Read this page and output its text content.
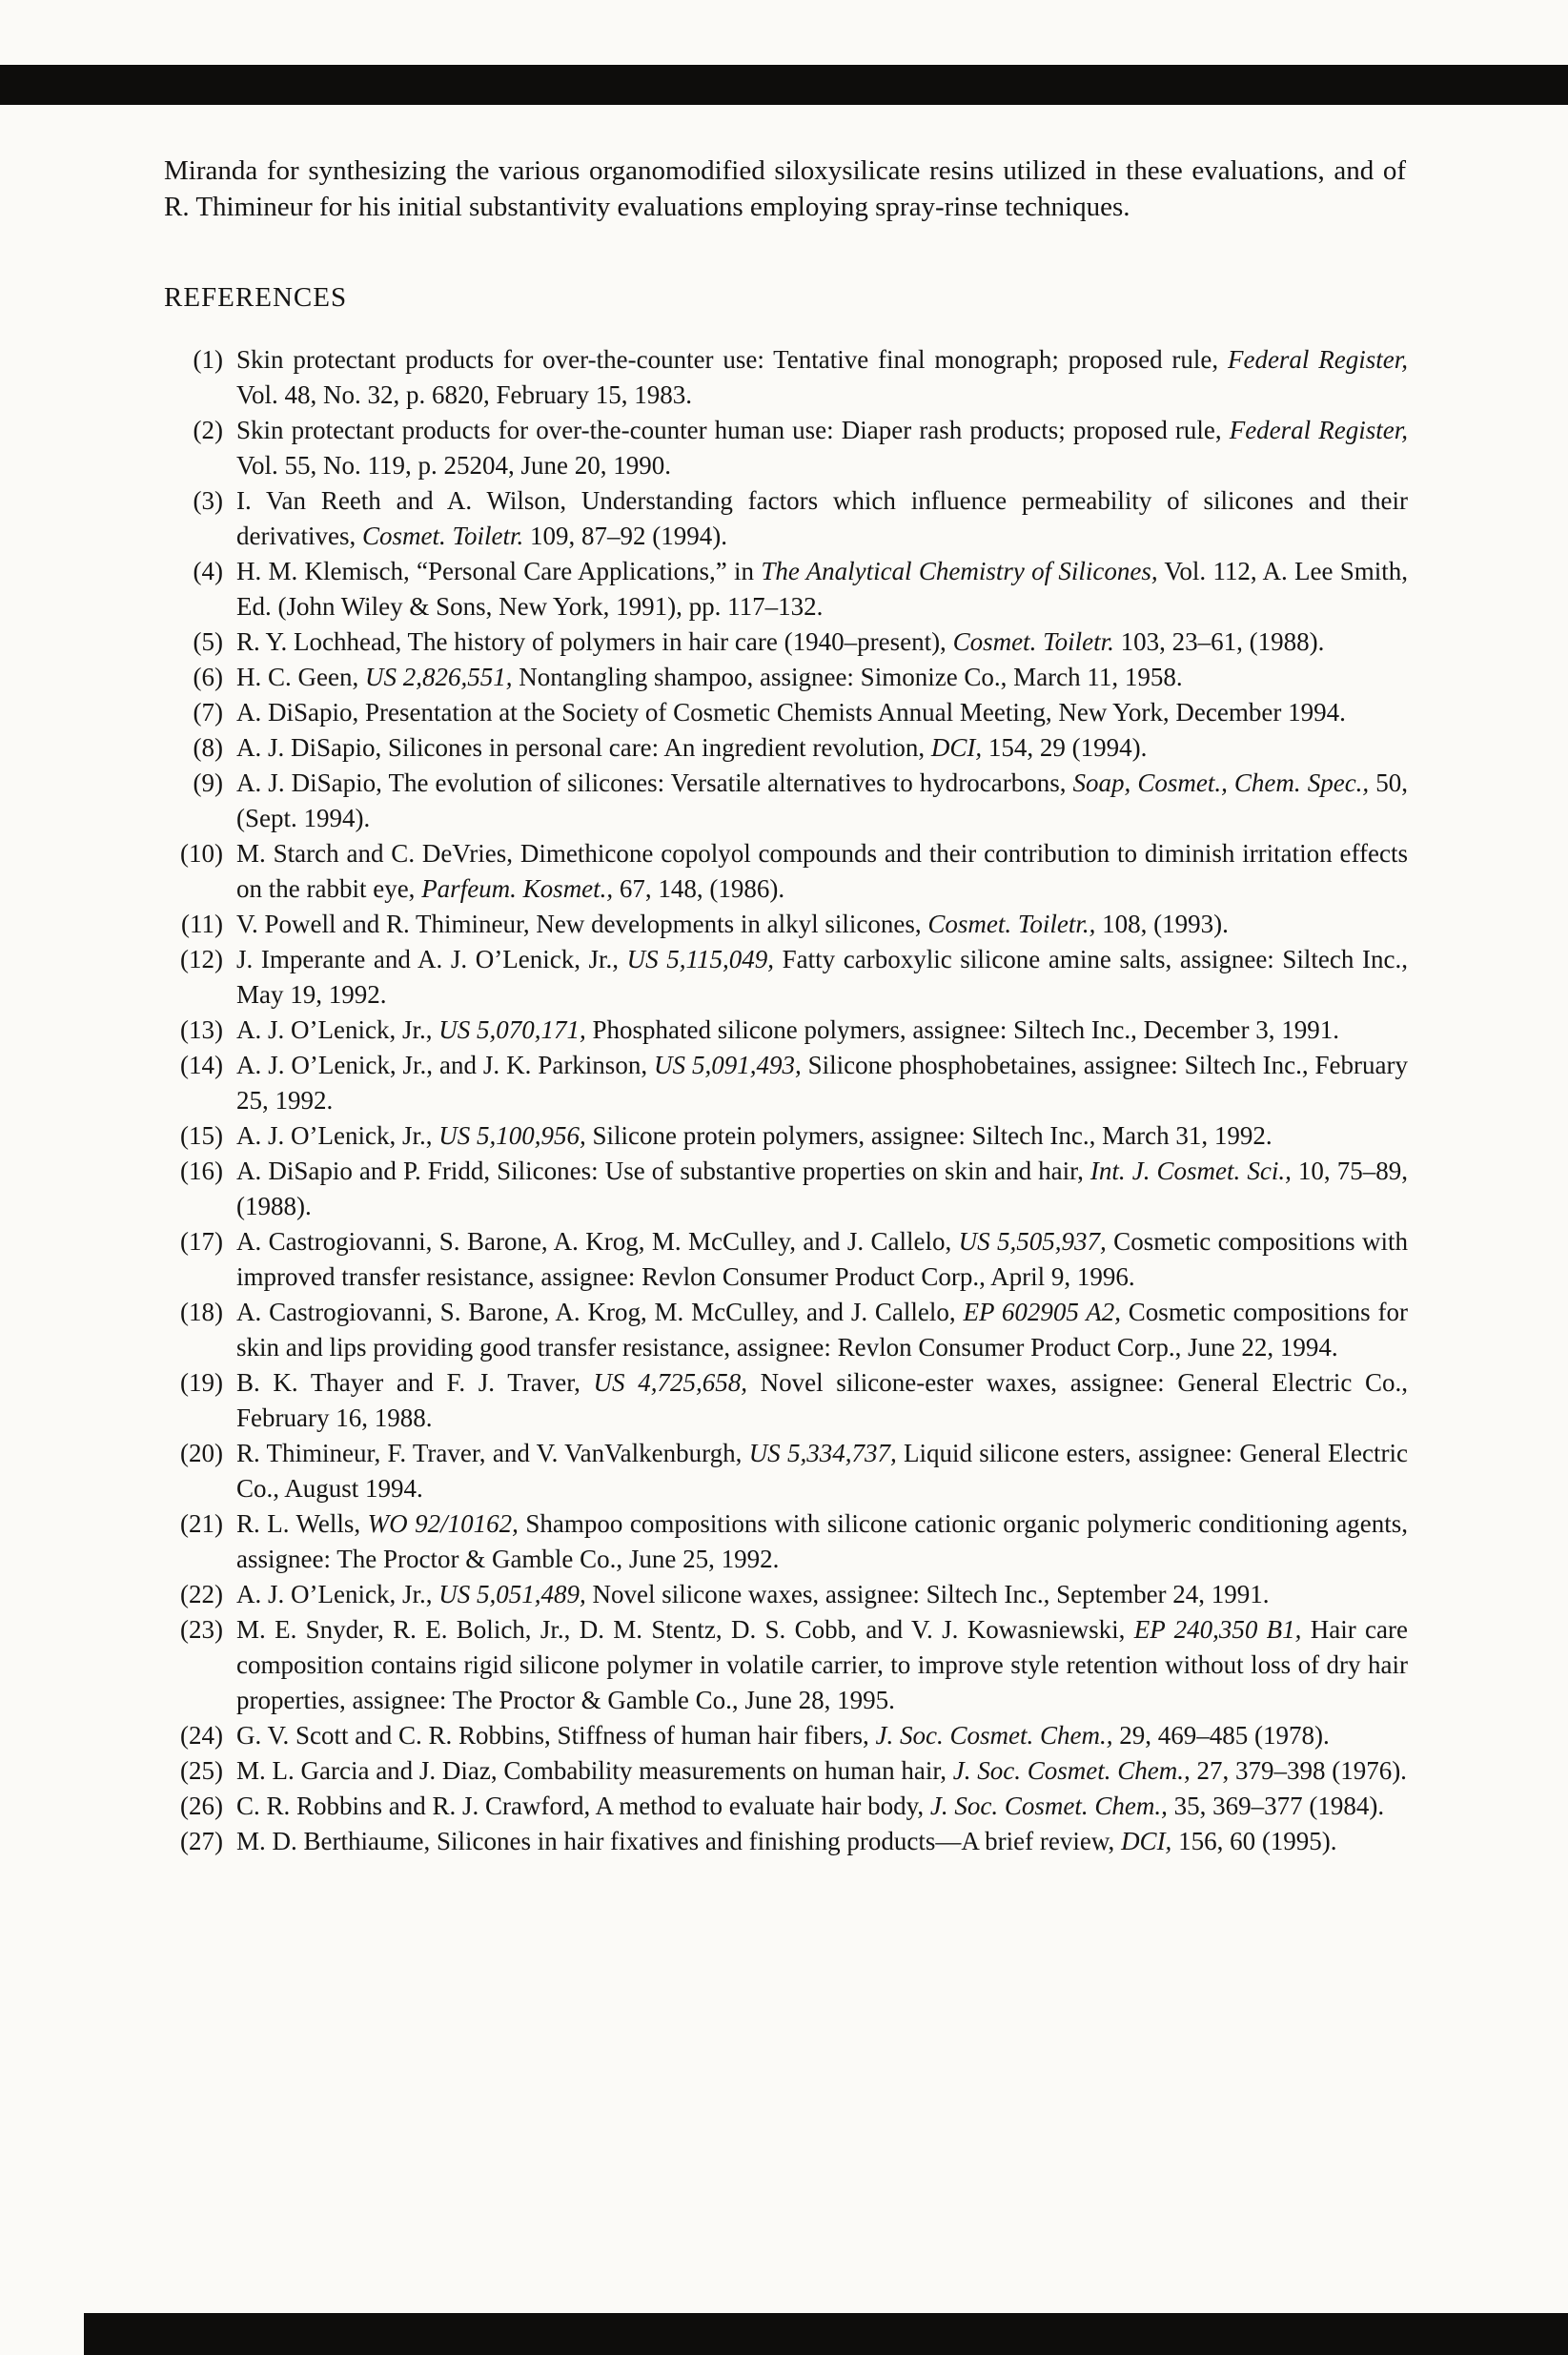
Miranda for synthesizing the various organomodified siloxysilicate resins utilized in these evaluations, and of R. Thimineur for his initial substantivity evaluations employing spray-rinse techniques.

REFERENCES
(1) Skin protectant products for over-the-counter use: Tentative final monograph; proposed rule, Federal Register, Vol. 48, No. 32, p. 6820, February 15, 1983.
(2) Skin protectant products for over-the-counter human use: Diaper rash products; proposed rule, Federal Register, Vol. 55, No. 119, p. 25204, June 20, 1990.
(3) I. Van Reeth and A. Wilson, Understanding factors which influence permeability of silicones and their derivatives, Cosmet. Toiletr. 109, 87–92 (1994).
(4) H. M. Klemisch, “Personal Care Applications,” in The Analytical Chemistry of Silicones, Vol. 112, A. Lee Smith, Ed. (John Wiley & Sons, New York, 1991), pp. 117–132.
(5) R. Y. Lochhead, The history of polymers in hair care (1940–present), Cosmet. Toiletr. 103, 23–61, (1988).
(6) H. C. Geen, US 2,826,551, Nontangling shampoo, assignee: Simonize Co., March 11, 1958.
(7) A. DiSapio, Presentation at the Society of Cosmetic Chemists Annual Meeting, New York, December 1994.
(8) A. J. DiSapio, Silicones in personal care: An ingredient revolution, DCI, 154, 29 (1994).
(9) A. J. DiSapio, The evolution of silicones: Versatile alternatives to hydrocarbons, Soap, Cosmet., Chem. Spec., 50, (Sept. 1994).
(10) M. Starch and C. DeVries, Dimethicone copolyol compounds and their contribution to diminish irritation effects on the rabbit eye, Parfeum. Kosmet., 67, 148, (1986).
(11) V. Powell and R. Thimineur, New developments in alkyl silicones, Cosmet. Toiletr., 108, (1993).
(12) J. Imperante and A. J. O’Lenick, Jr., US 5,115,049, Fatty carboxylic silicone amine salts, assignee: Siltech Inc., May 19, 1992.
(13) A. J. O’Lenick, Jr., US 5,070,171, Phosphated silicone polymers, assignee: Siltech Inc., December 3, 1991.
(14) A. J. O’Lenick, Jr., and J. K. Parkinson, US 5,091,493, Silicone phosphobetaines, assignee: Siltech Inc., February 25, 1992.
(15) A. J. O’Lenick, Jr., US 5,100,956, Silicone protein polymers, assignee: Siltech Inc., March 31, 1992.
(16) A. DiSapio and P. Fridd, Silicones: Use of substantive properties on skin and hair, Int. J. Cosmet. Sci., 10, 75–89, (1988).
(17) A. Castrogiovanni, S. Barone, A. Krog, M. McCulley, and J. Callelo, US 5,505,937, Cosmetic compositions with improved transfer resistance, assignee: Revlon Consumer Product Corp., April 9, 1996.
(18) A. Castrogiovanni, S. Barone, A. Krog, M. McCulley, and J. Callelo, EP 602905 A2, Cosmetic compositions for skin and lips providing good transfer resistance, assignee: Revlon Consumer Product Corp., June 22, 1994.
(19) B. K. Thayer and F. J. Traver, US 4,725,658, Novel silicone-ester waxes, assignee: General Electric Co., February 16, 1988.
(20) R. Thimineur, F. Traver, and V. VanValkenburgh, US 5,334,737, Liquid silicone esters, assignee: General Electric Co., August 1994.
(21) R. L. Wells, WO 92/10162, Shampoo compositions with silicone cationic organic polymeric conditioning agents, assignee: The Proctor & Gamble Co., June 25, 1992.
(22) A. J. O’Lenick, Jr., US 5,051,489, Novel silicone waxes, assignee: Siltech Inc., September 24, 1991.
(23) M. E. Snyder, R. E. Bolich, Jr., D. M. Stentz, D. S. Cobb, and V. J. Kowasniewski, EP 240,350 B1, Hair care composition contains rigid silicone polymer in volatile carrier, to improve style retention without loss of dry hair properties, assignee: The Proctor & Gamble Co., June 28, 1995.
(24) G. V. Scott and C. R. Robbins, Stiffness of human hair fibers, J. Soc. Cosmet. Chem., 29, 469–485 (1978).
(25) M. L. Garcia and J. Diaz, Combability measurements on human hair, J. Soc. Cosmet. Chem., 27, 379–398 (1976).
(26) C. R. Robbins and R. J. Crawford, A method to evaluate hair body, J. Soc. Cosmet. Chem., 35, 369–377 (1984).
(27) M. D. Berthiaume, Silicones in hair fixatives and finishing products—A brief review, DCI, 156, 60 (1995).
